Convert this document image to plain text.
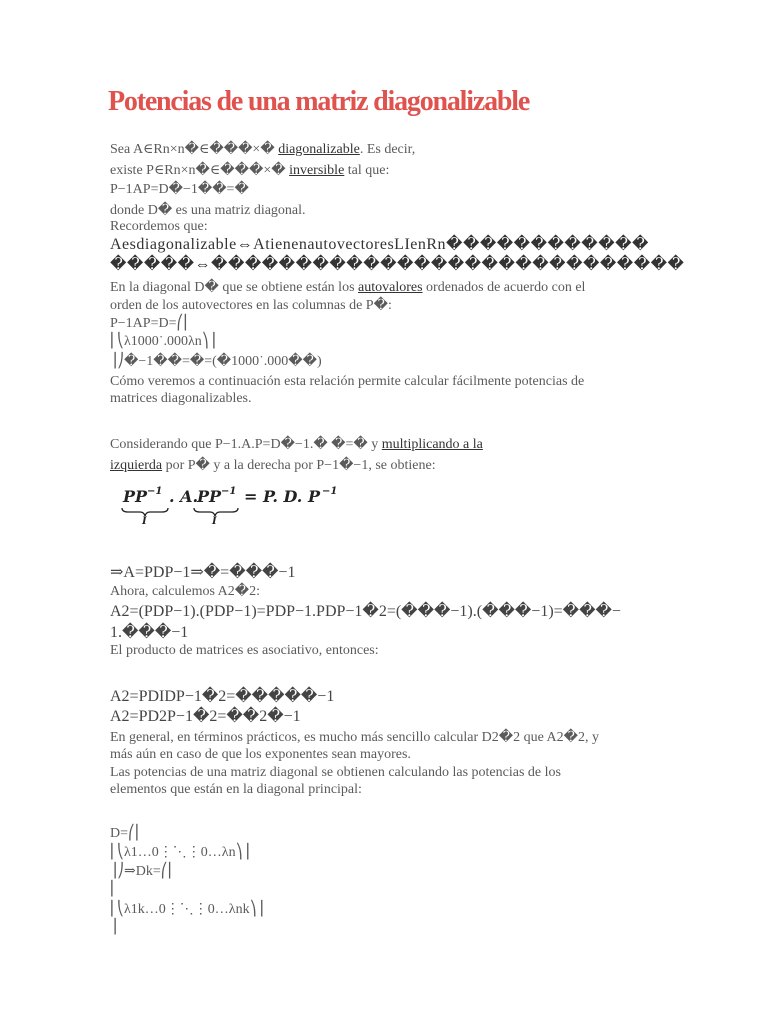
Potencias de una matriz diagonalizable
Sea A∈Rn×n�∈���×� diagonalizable. Es decir,
existe P∈Rn×n�∈���×� inversible tal que:
P−1AP=D�−1��=�
donde D� es una matriz diagonal.
Recordemos que:
Aesdiagonalizable⇔AtienenautovectoresLIenRn������������
�����⇔����������������������������
En la diagonal D� que se obtiene están los autovalores ordenados de acuerdo con el
orden de los autovectores en las columnas de P�:
P−1AP=D=⎛⎜
⎜⎝λ1000˙.000λn⎞⎟
⎟⎠�−1��=�=(�1000˙.000��)
Cómo veremos a continuación esta relación permite calcular fácilmente potencias de
matrices diagonalizables.
Considerando que P−1.A.P=D�−1.� �=� y multiplicando a la
izquierda por P� y a la derecha por P−1�−1, se obtiene:
PP −1 . A.
PP −1 = P. D. P −1
I	I
⇒A=PDP−1⇒�=���−1
Ahora, calculemos A2�2:
A2=(PDP−1).(PDP−1)=PDP−1.PDP−1�2=(���−1).(���−1)=���−
1.���−1
El producto de matrices es asociativo, entonces:
A2=PDIDP−1�2=�����−1
A2=PD2P−1�2=��2�−1
En general, en términos prácticos, es mucho más sencillo calcular D2�2 que A2�2, y
más aún en caso de que los exponentes sean mayores.
Las potencias de una matriz diagonal se obtienen calculando las potencias de los
elementos que están en la diagonal principal:
D=⎛⎜
⎜⎝λ1…0⋮⋱⋮0…λn⎞⎟
⎟⎠⇒Dk=⎛⎜
⎜
⎜⎝λ1k…0⋮⋱⋮0…λnk⎞⎟
⎟
